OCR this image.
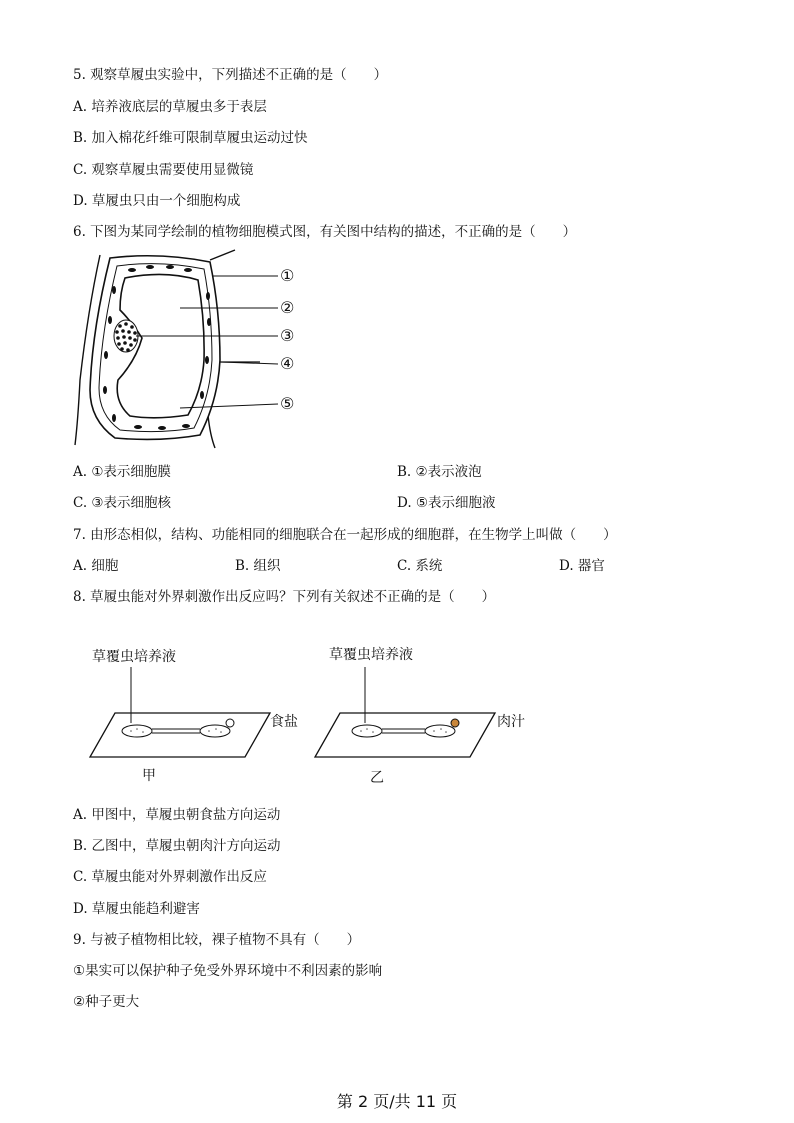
5. 观察草履虫实验中，下列描述不正确的是（　　）
A. 培养液底层的草履虫多于表层
B. 加入棉花纤维可限制草履虫运动过快
C. 观察草履虫需要使用显微镜
D. 草履虫只由一个细胞构成
6. 下图为某同学绘制的植物细胞模式图，有关图中结构的描述，不正确的是（　　）
①
②
③
④
⑤
A. ①表示细胞膜	B. ②表示液泡
C. ③表示细胞核	D. ⑤表示细胞液
7. 由形态相似，结构、功能相同的细胞联合在一起形成的细胞群，在生物学上叫做（　　）
A. 细胞	B. 组织	C. 系统	D. 器官
8. 草履虫能对外界刺激作出反应吗？下列有关叙述不正确的是（　　）
草覆虫培养液	草覆虫培养液
食盐	肉汁
甲	乙
A. 甲图中，草履虫朝食盐方向运动
B. 乙图中，草履虫朝肉汁方向运动
C. 草履虫能对外界刺激作出反应
D. 草履虫能趋利避害
9. 与被子植物相比较，裸子植物不具有（　　）
①果实可以保护种子免受外界环境中不利因素的影响
②种子更大
第 2 页/共 11 页
